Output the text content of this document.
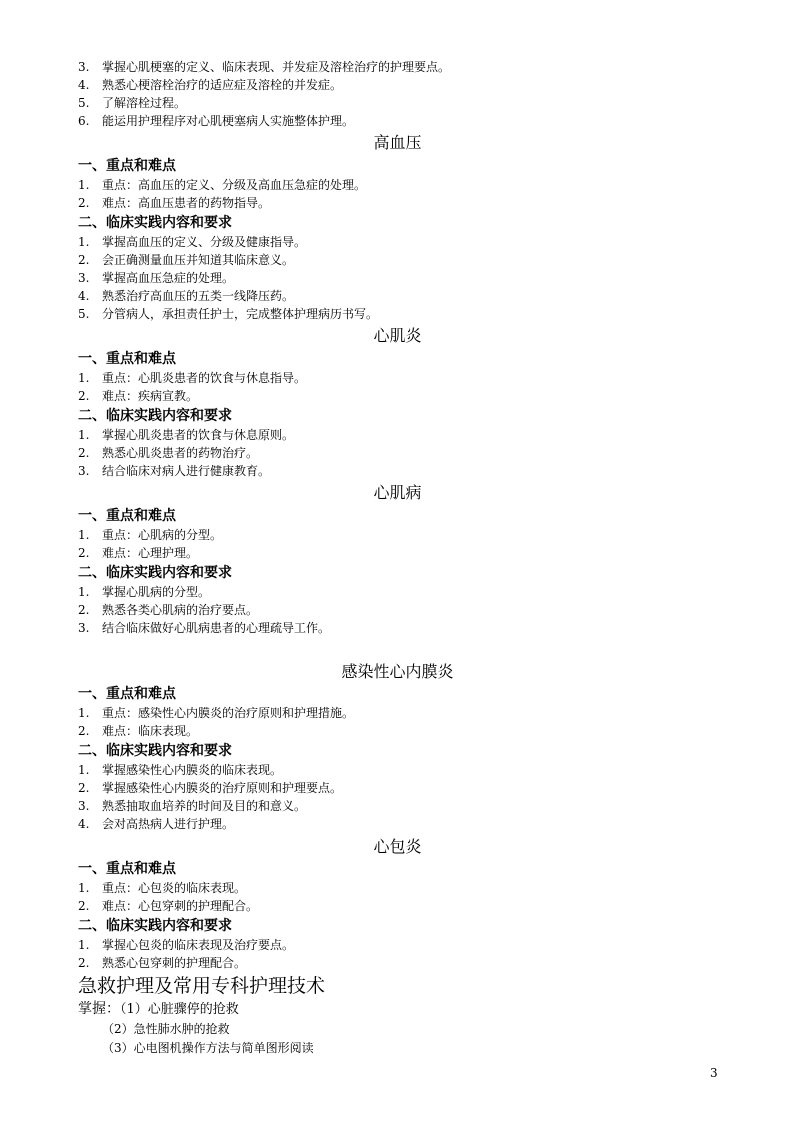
3. 掌握心肌梗塞的定义、临床表现、并发症及溶栓治疗的护理要点。
4. 熟悉心梗溶栓治疗的适应症及溶栓的并发症。
5. 了解溶栓过程。
6. 能运用护理程序对心肌梗塞病人实施整体护理。
高血压
一、重点和难点
1. 重点：高血压的定义、分级及高血压急症的处理。
2. 难点：高血压患者的药物指导。
二、临床实践内容和要求
1. 掌握高血压的定义、分级及健康指导。
2. 会正确测量血压并知道其临床意义。
3. 掌握高血压急症的处理。
4. 熟悉治疗高血压的五类一线降压药。
5. 分管病人，承担责任护士，完成整体护理病历书写。
心肌炎
一、重点和难点
1. 重点：心肌炎患者的饮食与休息指导。
2. 难点：疾病宣教。
二、临床实践内容和要求
1. 掌握心肌炎患者的饮食与休息原则。
2. 熟悉心肌炎患者的药物治疗。
3. 结合临床对病人进行健康教育。
心肌病
一、重点和难点
1. 重点：心肌病的分型。
2. 难点：心理护理。
二、临床实践内容和要求
1. 掌握心肌病的分型。
2. 熟悉各类心肌病的治疗要点。
3. 结合临床做好心肌病患者的心理疏导工作。
感染性心内膜炎
一、重点和难点
1. 重点：感染性心内膜炎的治疗原则和护理措施。
2. 难点：临床表现。
二、临床实践内容和要求
1. 掌握感染性心内膜炎的临床表现。
2. 掌握感染性心内膜炎的治疗原则和护理要点。
3. 熟悉抽取血培养的时间及目的和意义。
4. 会对高热病人进行护理。
心包炎
一、重点和难点
1. 重点：心包炎的临床表现。
2. 难点：心包穿刺的护理配合。
二、临床实践内容和要求
1. 掌握心包炎的临床表现及治疗要点。
2. 熟悉心包穿刺的护理配合。
急救护理及常用专科护理技术
掌握：（1）心脏骤停的抢救
（2）急性肺水肿的抢救
（3）心电图机操作方法与简单图形阅读
3
